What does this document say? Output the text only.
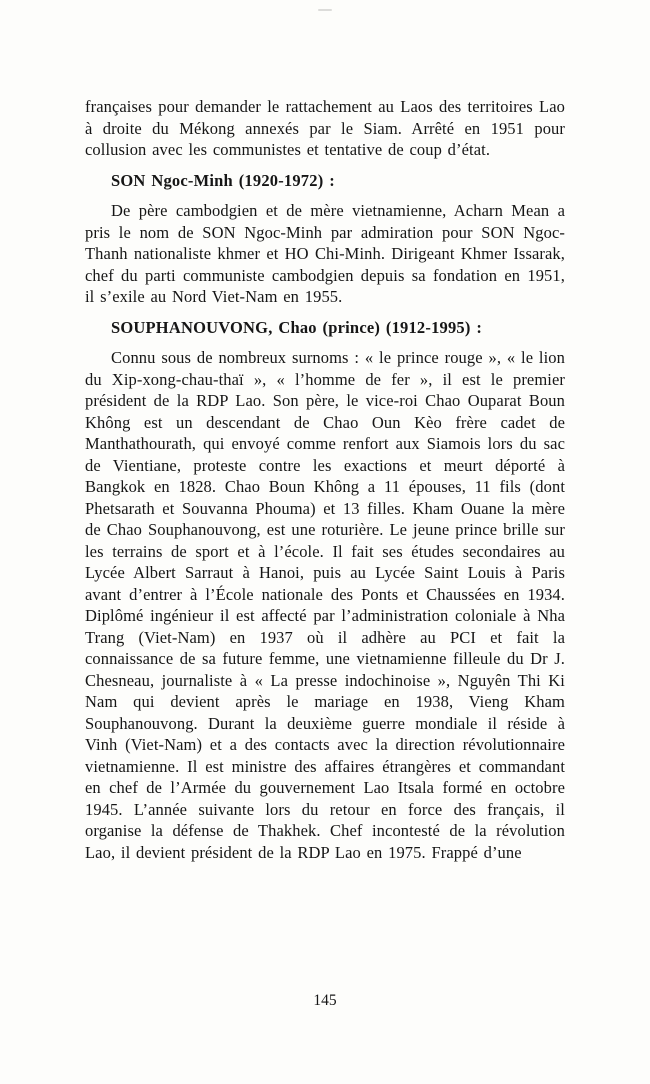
françaises pour demander le rattachement au Laos des territoires Lao à droite du Mékong annexés par le Siam. Arrêté en 1951 pour collusion avec les communistes et tentative de coup d’état.

SON Ngoc-Minh (1920-1972) :

De père cambodgien et de mère vietnamienne, Acharn Mean a pris le nom de SON Ngoc-Minh par admiration pour SON Ngoc-Thanh nationaliste khmer et HO Chi-Minh. Dirigeant Khmer Issarak, chef du parti communiste cambodgien depuis sa fondation en 1951, il s’exile au Nord Viet-Nam en 1955.

SOUPHANOUVONG, Chao (prince) (1912-1995) :

Connu sous de nombreux surnoms : « le prince rouge », « le lion du Xip-xong-chau-thaï », « l’homme de fer », il est le premier président de la RDP Lao. Son père, le vice-roi Chao Ouparat Boun Không est un descendant de Chao Oun Kèo frère cadet de Manthathourath, qui envoyé comme renfort aux Siamois lors du sac de Vientiane, proteste contre les exactions et meurt déporté à Bangkok en 1828. Chao Boun Không a 11 épouses, 11 fils (dont Phetsarath et Souvanna Phouma) et 13 filles. Kham Ouane la mère de Chao Souphanouvong, est une roturière. Le jeune prince brille sur les terrains de sport et à l’école. Il fait ses études secondaires au Lycée Albert Sarraut à Hanoi, puis au Lycée Saint Louis à Paris avant d’entrer à l’École nationale des Ponts et Chaussées en 1934. Diplômé ingénieur il est affecté par l’administration coloniale à Nha Trang (Viet-Nam) en 1937 où il adhère au PCI et fait la connaissance de sa future femme, une vietnamienne filleule du Dr J. Chesneau, journaliste à « La presse indochinoise », Nguyên Thi Ki Nam qui devient après le mariage en 1938, Vieng Kham Souphanouvong. Durant la deuxième guerre mondiale il réside à Vinh (Viet-Nam) et a des contacts avec la direction révolutionnaire vietnamienne. Il est ministre des affaires étrangères et commandant en chef de l’Armée du gouvernement Lao Itsala formé en octobre 1945. L’année suivante lors du retour en force des français, il organise la défense de Thakhek. Chef incontesté de la révolution Lao, il devient président de la RDP Lao en 1975. Frappé d’une

145
